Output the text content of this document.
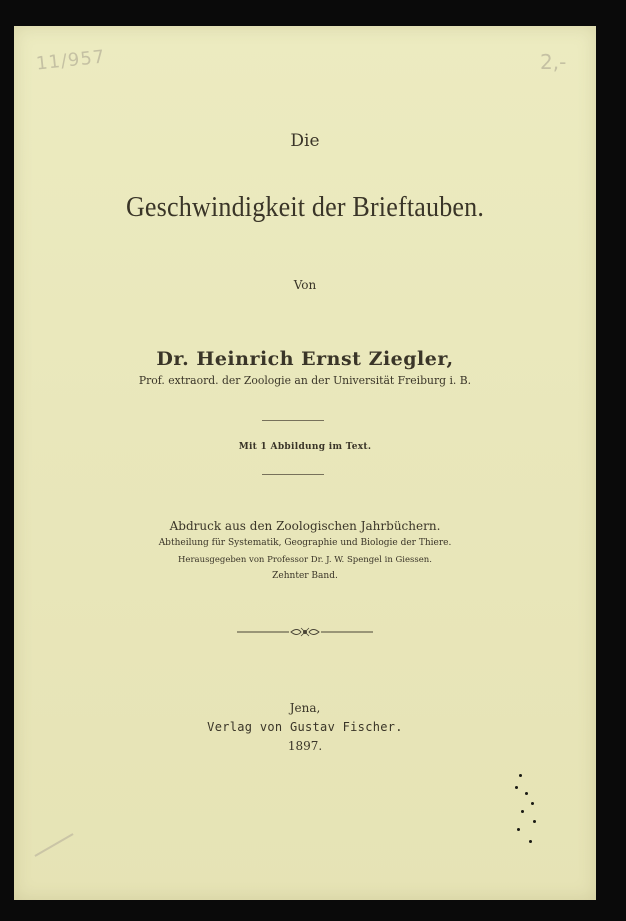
11/957	2,-
Die
Geschwindigkeit der Brieftauben.
Von
Dr. Heinrich Ernst Ziegler,
Prof. extraord. der Zoologie an der Universität Freiburg i. B.
Mit 1 Abbildung im Text.
Abdruck aus den Zoologischen Jahrbüchern.
Abtheilung für Systematik, Geographie und Biologie der Thiere.
Herausgegeben von Professor Dr. J. W. Spengel in Giessen.
Zehnter Band.
Jena,
Verlag von Gustav Fischer.
1897.
